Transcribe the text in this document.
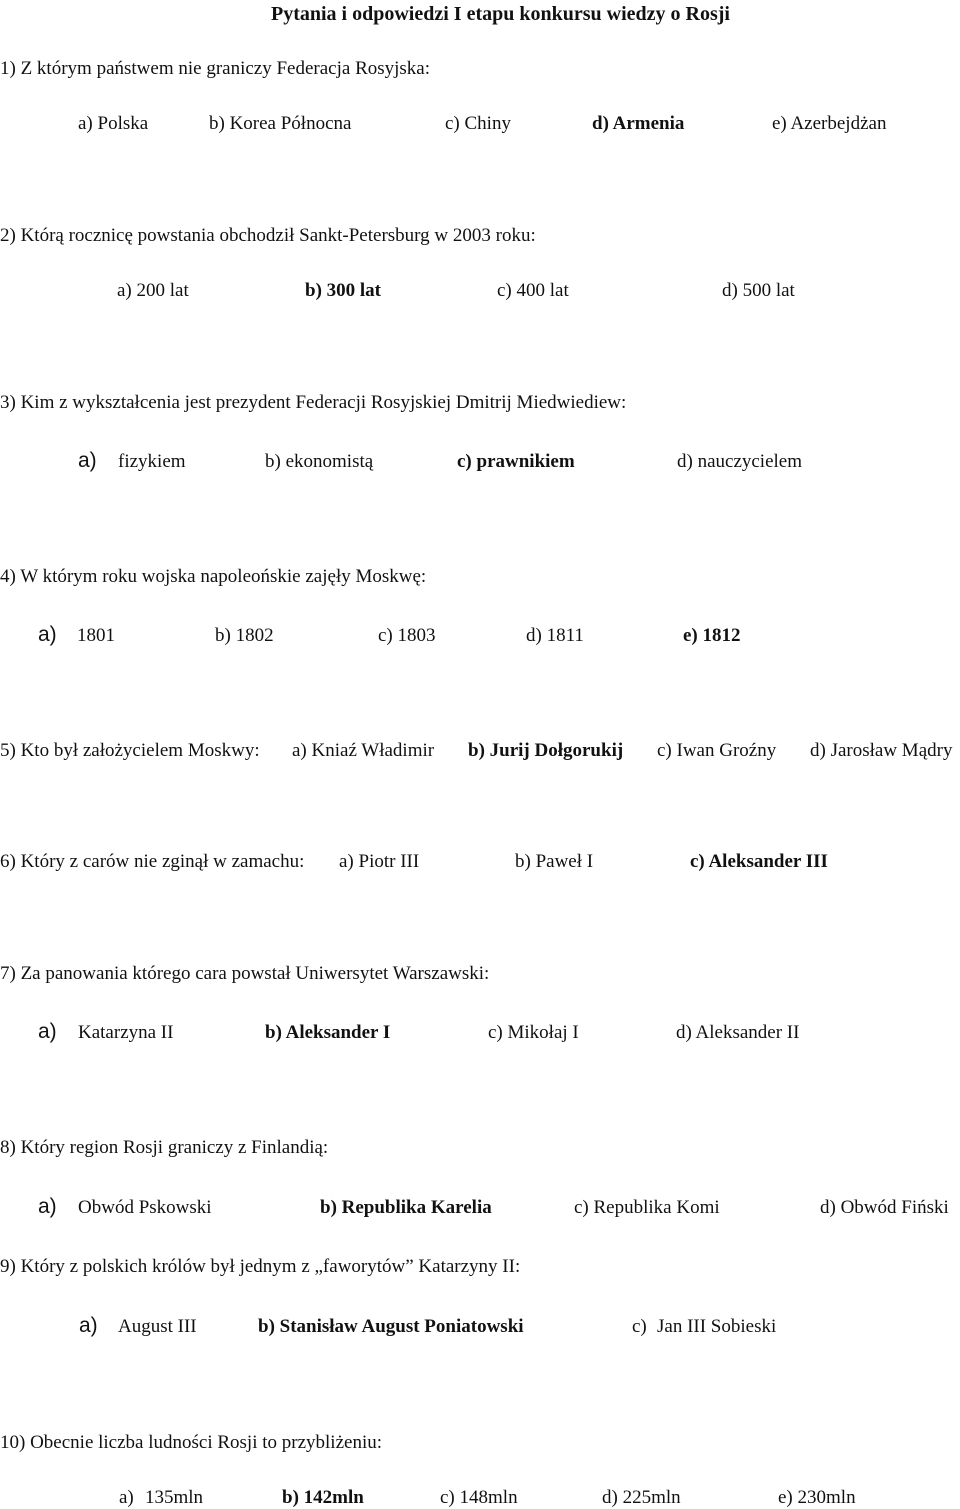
Pytania i odpowiedzi I etapu konkursu wiedzy o Rosji
1) Z którym państwem nie graniczy Federacja Rosyjska:
a) Polska	b) Korea Północna	c) Chiny	d) Armenia	e) Azerbejdżan
2) Którą rocznicę powstania obchodził Sankt-Petersburg w 2003 roku:
a) 200 lat	b) 300 lat	c) 400 lat	d) 500 lat
3) Kim z wykształcenia jest prezydent Federacji Rosyjskiej Dmitrij Miedwiediew:
a) fizykiem	b) ekonomistą	c) prawnikiem	d) nauczycielem
4) W którym roku wojska napoleońskie zajęły Moskwę:
a) 1801	b) 1802	c) 1803	d) 1811	e) 1812
5) Kto był założycielem Moskwy: a) Kniaź Władimir b) Jurij Dołgorukij c) Iwan Groźny d) Jarosław Mądry
6) Który z carów nie zginął w zamachu: a) Piotr III	b) Paweł I	c) Aleksander III
7) Za panowania którego cara powstał Uniwersytet Warszawski:
a) Katarzyna II	b) Aleksander I	c) Mikołaj I	d) Aleksander II
8) Który region Rosji graniczy z Finlandią:
a) Obwód Pskowski	b) Republika Karelia	c) Republika Komi	d) Obwód Fiński
9) Który z polskich królów był jednym z „faworytów” Katarzyny II:
a) August III	b) Stanisław August Poniatowski	c) Jan III Sobieski
10) Obecnie liczba ludności Rosji to przybliżeniu:
a) 135mln	b) 142mln	c) 148mln	d) 225mln	e) 230mln
